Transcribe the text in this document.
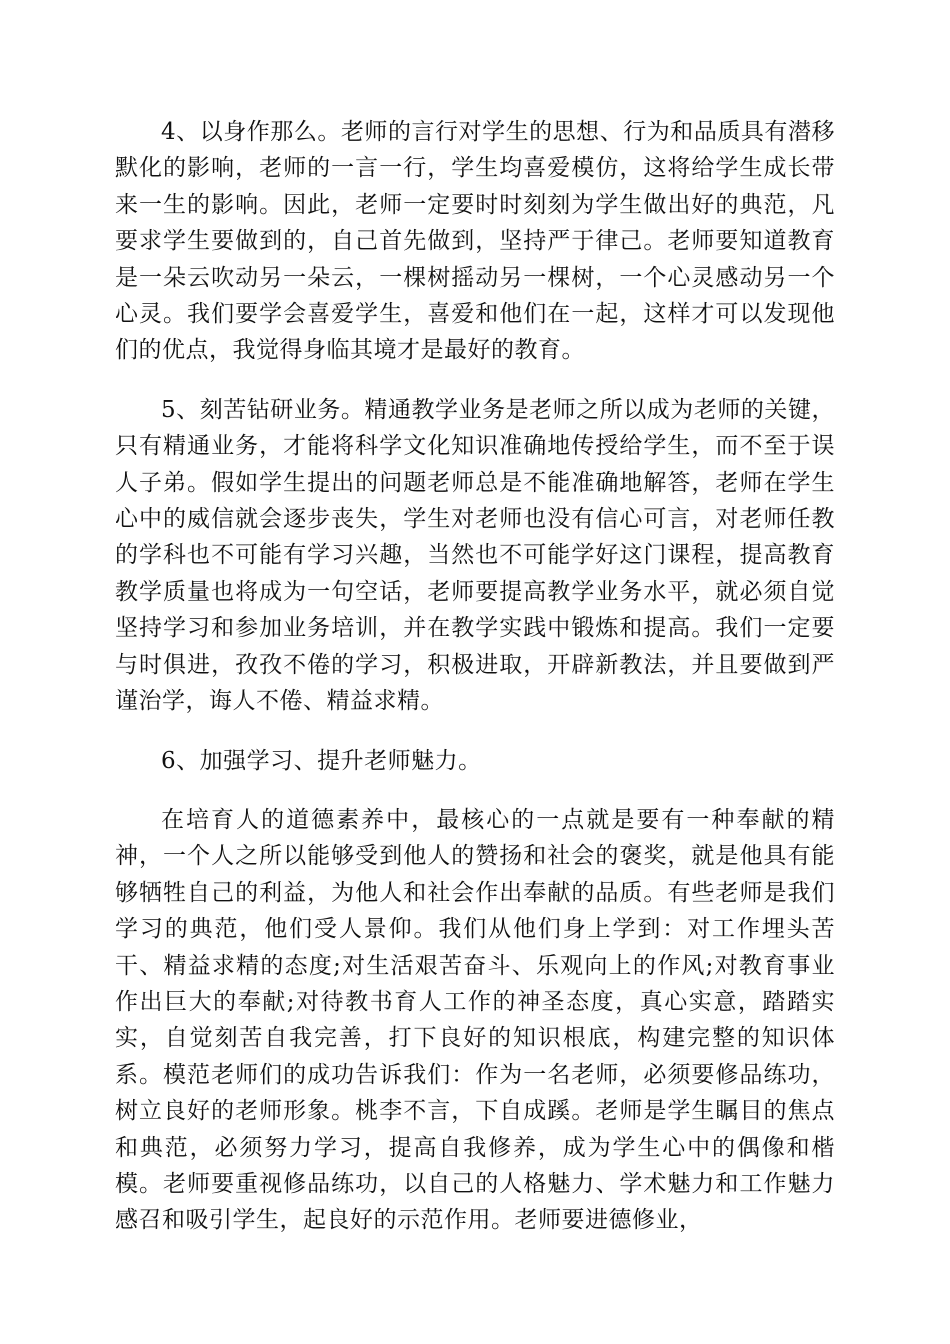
4、以身作那么。老师的言行对学生的思想、行为和品质具有潜移默化的影响，老师的一言一行，学生均喜爱模仿，这将给学生成长带来一生的影响。因此，老师一定要时时刻刻为学生做出好的典范，凡要求学生要做到的，自己首先做到，坚持严于律己。老师要知道教育是一朵云吹动另一朵云，一棵树摇动另一棵树，一个心灵感动另一个心灵。我们要学会喜爱学生，喜爱和他们在一起，这样才可以发现他们的优点，我觉得身临其境才是最好的教育。

5、刻苦钻研业务。精通教学业务是老师之所以成为老师的关键，只有精通业务，才能将科学文化知识准确地传授给学生，而不至于误人子弟。假如学生提出的问题老师总是不能准确地解答，老师在学生心中的威信就会逐步丧失，学生对老师也没有信心可言，对老师任教的学科也不可能有学习兴趣，当然也不可能学好这门课程，提高教育教学质量也将成为一句空话，老师要提高教学业务水平，就必须自觉坚持学习和参加业务培训，并在教学实践中锻炼和提高。我们一定要与时俱进，孜孜不倦的学习，积极进取，开辟新教法，并且要做到严谨治学，诲人不倦、精益求精。

6、加强学习、提升老师魅力。

在培育人的道德素养中，最核心的一点就是要有一种奉献的精神，一个人之所以能够受到他人的赞扬和社会的褒奖，就是他具有能够牺牲自己的利益，为他人和社会作出奉献的品质。有些老师是我们学习的典范，他们受人景仰。我们从他们身上学到：对工作埋头苦干、精益求精的态度;对生活艰苦奋斗、乐观向上的作风;对教育事业作出巨大的奉献;对待教书育人工作的神圣态度，真心实意，踏踏实实，自觉刻苦自我完善，打下良好的知识根底，构建完整的知识体系。模范老师们的成功告诉我们：作为一名老师，必须要修品练功，树立良好的老师形象。桃李不言，下自成蹊。老师是学生瞩目的焦点和典范，必须努力学习，提高自我修养，成为学生心中的偶像和楷模。老师要重视修品练功，以自己的人格魅力、学术魅力和工作魅力感召和吸引学生，起良好的示范作用。老师要进德修业，
